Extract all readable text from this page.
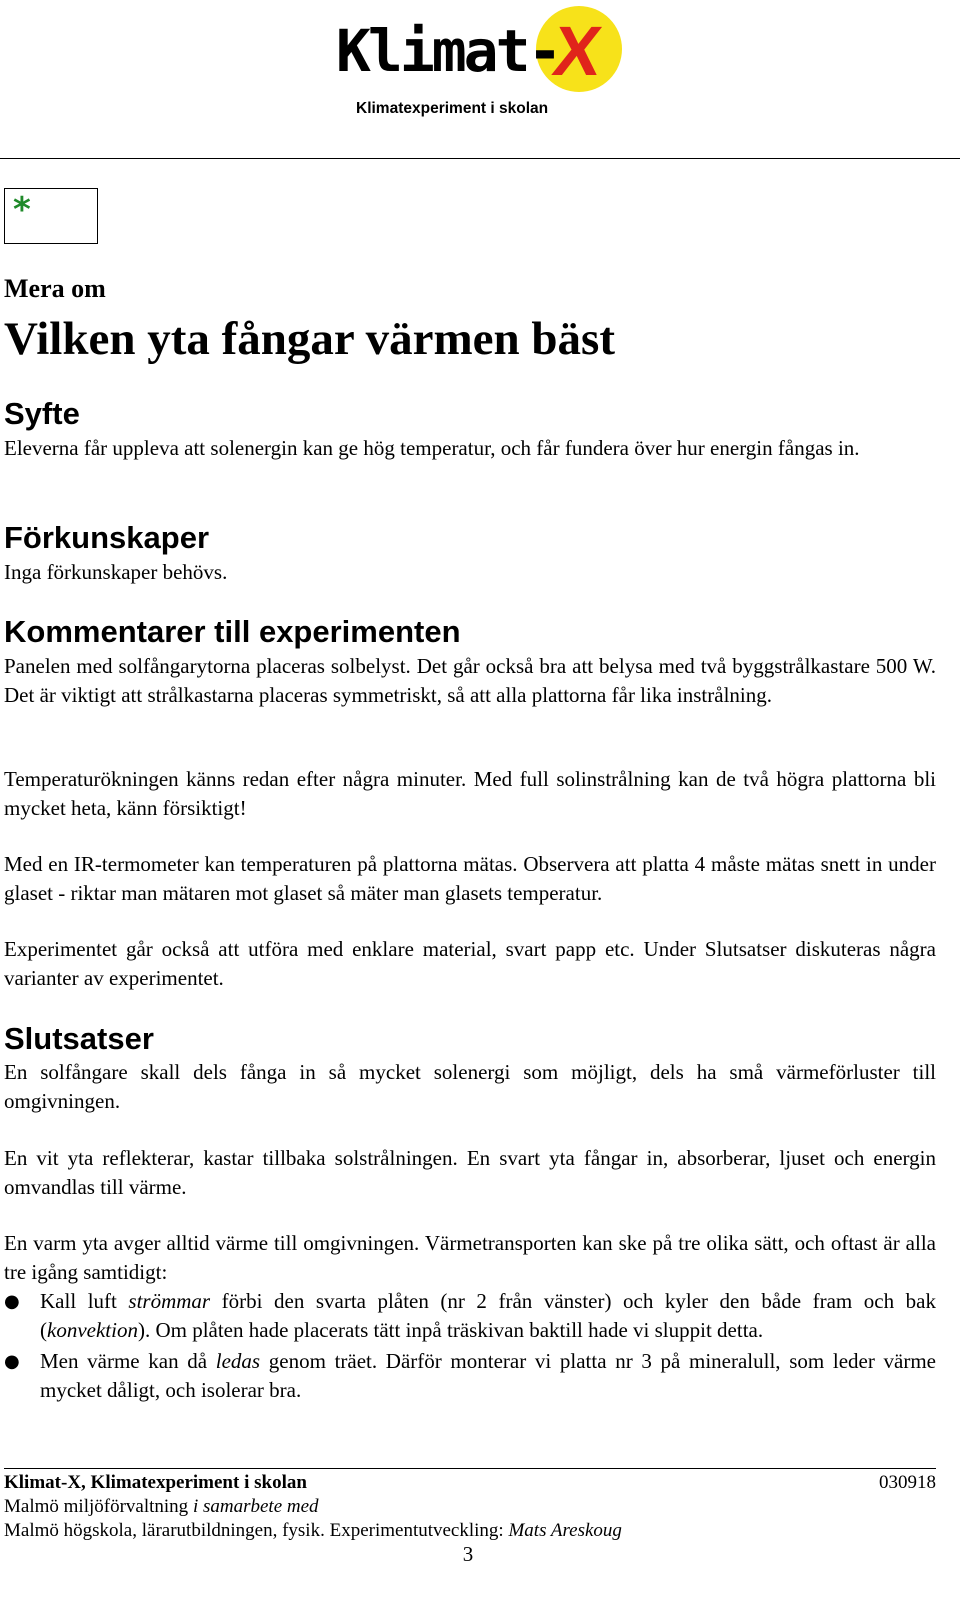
Klimat-
X
Klimatexperiment i skolan
*
Mera om
Vilken yta fångar värmen bäst
Syfte
Eleverna får uppleva att solenergin kan ge hög temperatur, och får fundera över hur energin fångas in.
Förkunskaper
Inga förkunskaper behövs.
Kommentarer till experimenten
Panelen med solfångarytorna placeras solbelyst. Det går också bra att belysa med två byggstrålkastare 500 W. Det är viktigt att strålkastarna placeras symmetriskt, så att alla plattorna får lika instrålning.
Temperaturökningen känns redan efter några minuter. Med full solinstrålning kan de två högra plattorna bli mycket heta, känn försiktigt!
Med en IR-termometer kan temperaturen på plattorna mätas. Observera att platta 4 måste mätas snett in under glaset - riktar man mätaren mot glaset så mäter man glasets temperatur.
Experimentet går också att utföra med enklare material, svart papp etc. Under Slutsatser diskuteras några varianter av experimentet.
Slutsatser
En solfångare skall dels fånga in så mycket solenergi som möjligt, dels ha små värmeförluster till omgivningen.
En vit yta reflekterar, kastar tillbaka solstrålningen. En svart yta fångar in, absorberar, ljuset och energin omvandlas till värme.
En varm yta avger alltid värme till omgivningen. Värmetransporten kan ske på tre olika sätt, och oftast är alla tre igång samtidigt:
● Kall luft strömmar förbi den svarta plåten (nr 2 från vänster) och kyler den både fram och bak (konvektion). Om plåten hade placerats tätt inpå träskivan baktill hade vi sluppit detta.
● Men värme kan då ledas genom träet. Därför monterar vi platta nr 3 på mineralull, som leder värme mycket dåligt, och isolerar bra.
Klimat-X, Klimatexperiment i skolan	030918
Malmö miljöförvaltning i samarbete med
Malmö högskola, lärarutbildningen, fysik. Experimentutveckling: Mats Areskoug
3
